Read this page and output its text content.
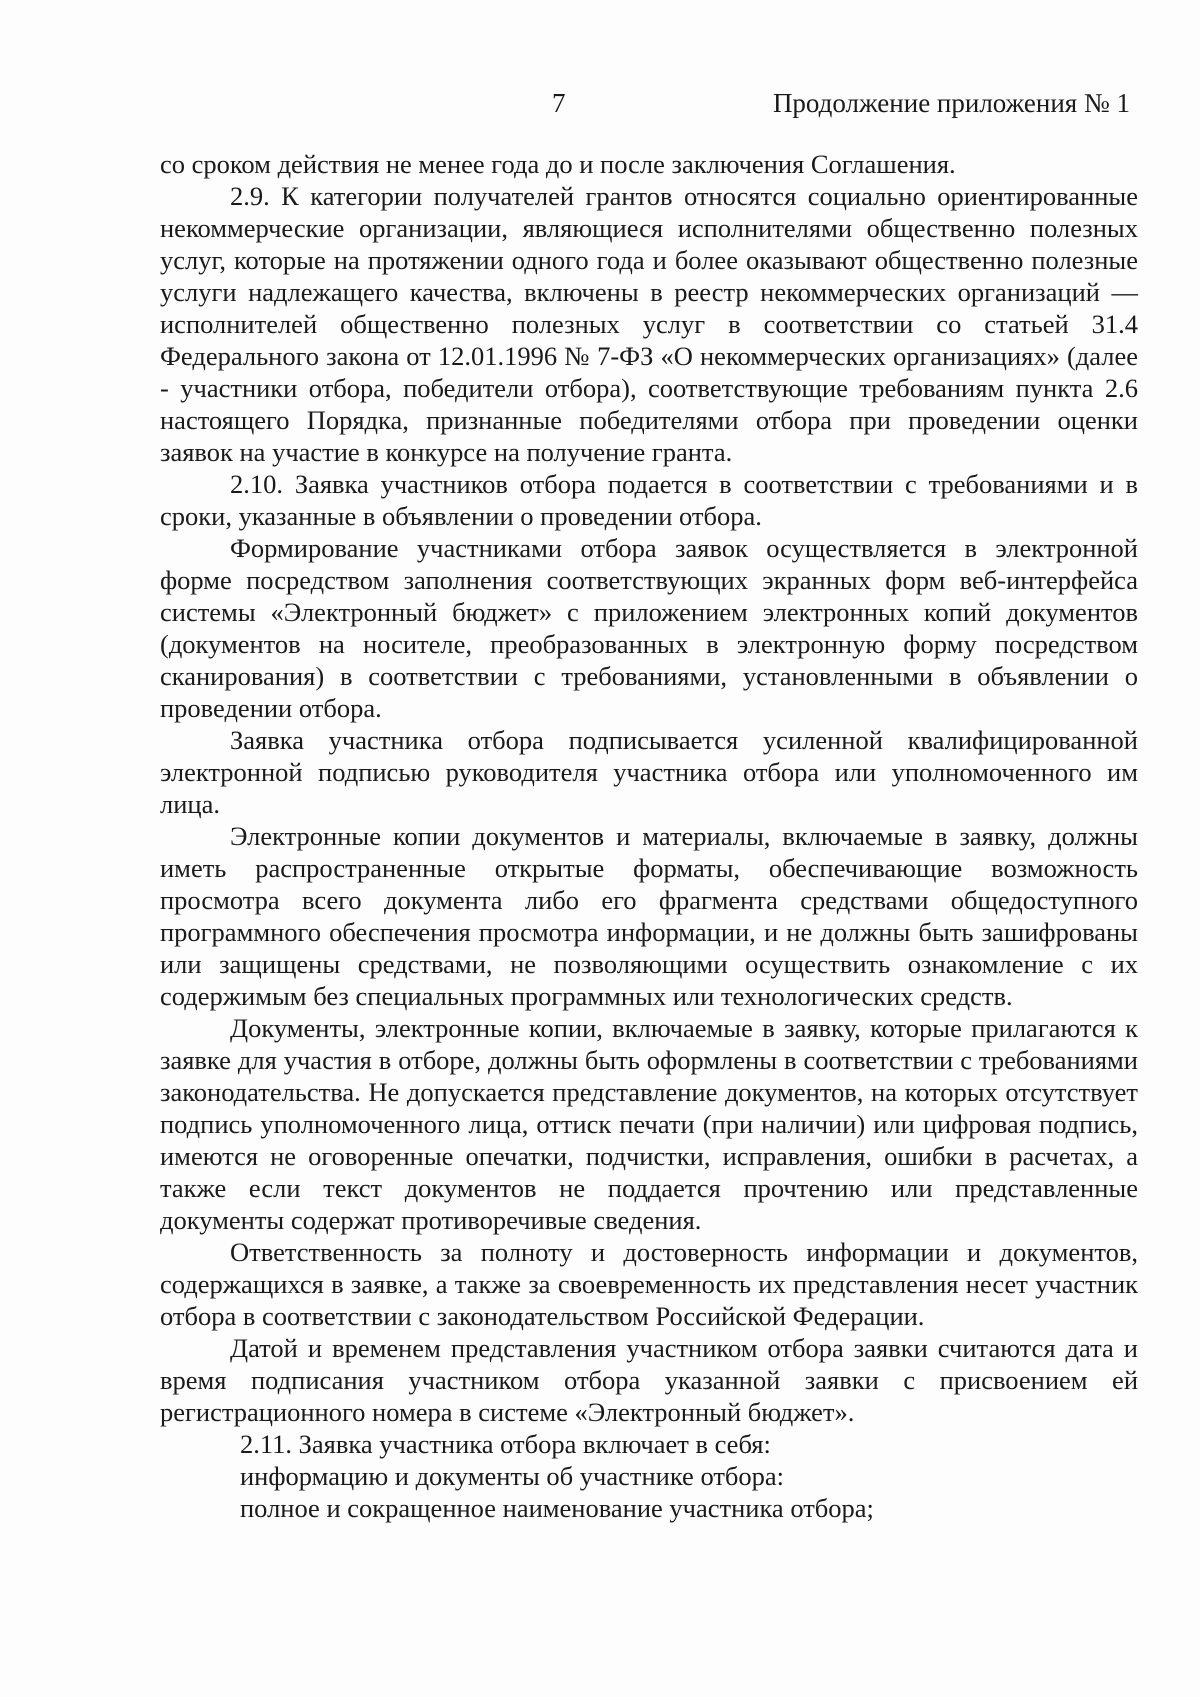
7	Продолжение приложения № 1

со сроком действия не менее года до и после заключения Соглашения.

2.9. К категории получателей грантов относятся социально ориентированные некоммерческие организации, являющиеся исполнителями общественно полезных услуг, которые на протяжении одного года и более оказывают общественно полезные услуги надлежащего качества, включены в реестр некоммерческих организаций — исполнителей общественно полезных услуг в соответствии со статьей 31.4 Федерального закона от 12.01.1996 № 7-ФЗ «О некоммерческих организациях» (далее - участники отбора, победители отбора), соответствующие требованиям пункта 2.6 настоящего Порядка, признанные победителями отбора при проведении оценки заявок на участие в конкурсе на получение гранта.

2.10. Заявка участников отбора подается в соответствии с требованиями и в сроки, указанные в объявлении о проведении отбора.

Формирование участниками отбора заявок осуществляется в электронной форме посредством заполнения соответствующих экранных форм веб-интерфейса системы «Электронный бюджет» с приложением электронных копий документов (документов на носителе, преобразованных в электронную форму посредством сканирования) в соответствии с требованиями, установленными в объявлении о проведении отбора.

Заявка участника отбора подписывается усиленной квалифицированной электронной подписью руководителя участника отбора или уполномоченного им лица.

Электронные копии документов и материалы, включаемые в заявку, должны иметь распространенные открытые форматы, обеспечивающие возможность просмотра всего документа либо его фрагмента средствами общедоступного программного обеспечения просмотра информации, и не должны быть зашифрованы или защищены средствами, не позволяющими осуществить ознакомление с их содержимым без специальных программных или технологических средств.

Документы, электронные копии, включаемые в заявку, которые прилагаются к заявке для участия в отборе, должны быть оформлены в соответствии с требованиями законодательства. Не допускается представление документов, на которых отсутствует подпись уполномоченного лица, оттиск печати (при наличии) или цифровая подпись, имеются не оговоренные опечатки, подчистки, исправления, ошибки в расчетах, а также если текст документов не поддается прочтению или представленные документы содержат противоречивые сведения.

Ответственность за полноту и достоверность информации и документов, содержащихся в заявке, а также за своевременность их представления несет участник отбора в соответствии с законодательством Российской Федерации.

Датой и временем представления участником отбора заявки считаются дата и время подписания участником отбора указанной заявки с присвоением ей регистрационного номера в системе «Электронный бюджет».

2.11. Заявка участника отбора включает в себя:

информацию и документы об участнике отбора:

полное и сокращенное наименование участника отбора;
